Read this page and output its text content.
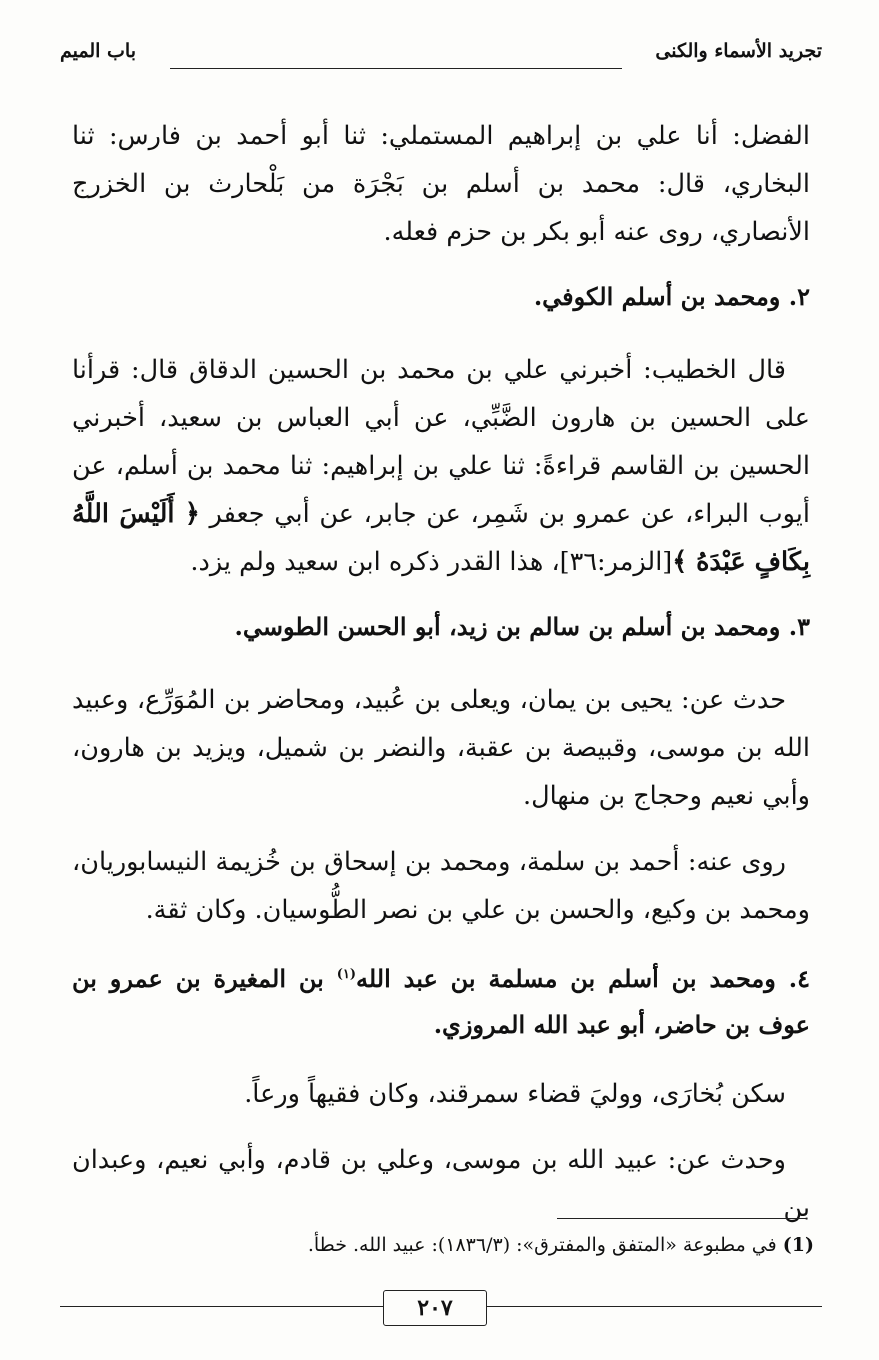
تجريد الأسماء والكنى
باب الميم

الفضل: أنا علي بن إبراهيم المستملي: ثنا أبو أحمد بن فارس: ثنا البخاري، قال: محمد بن أسلم بن بَجْرَة من بَلْحارث بن الخزرج الأنصاري، روى عنه أبو بكر بن حزم فعله.

٢. ومحمد بن أسلم الكوفي.

قال الخطيب: أخبرني علي بن محمد بن الحسين الدقاق قال: قرأنا على الحسين بن هارون الضَّبِّي، عن أبي العباس بن سعيد، أخبرني الحسين بن القاسم قراءةً: ثنا علي بن إبراهيم: ثنا محمد بن أسلم، عن أيوب البراء، عن عمرو بن شَمِر، عن جابر، عن أبي جعفر ﴿ أَلَيْسَ اللَّهُ بِكَافٍ عَبْدَهُ ﴾[الزمر:٣٦]، هذا القدر ذكره ابن سعيد ولم يزد.

٣. ومحمد بن أسلم بن سالم بن زيد، أبو الحسن الطوسي.

حدث عن: يحيى بن يمان، ويعلى بن عُبيد، ومحاضر بن المُوَرِّع، وعبيد الله بن موسى، وقبيصة بن عقبة، والنضر بن شميل، ويزيد بن هارون، وأبي نعيم وحجاج بن منهال.

روى عنه: أحمد بن سلمة، ومحمد بن إسحاق بن خُزيمة النيسابوريان، ومحمد بن وكيع، والحسن بن علي بن نصر الطُّوسيان. وكان ثقة.

٤. ومحمد بن أسلم بن مسلمة بن عبد الله$^{(١)}$ بن المغيرة بن عمرو بن عوف بن حاضر، أبو عبد الله المروزي.

سكن بُخارَى، ووليَ قضاء سمرقند، وكان فقيهاً ورعاً.

وحدث عن: عبيد الله بن موسى، وعلي بن قادم، وأبي نعيم، وعبدان بن

(1) في مطبوعة «المتفق والمفترق»: (١٨٣٦/٣): عبيد الله. خطأ.
٢٠٧
